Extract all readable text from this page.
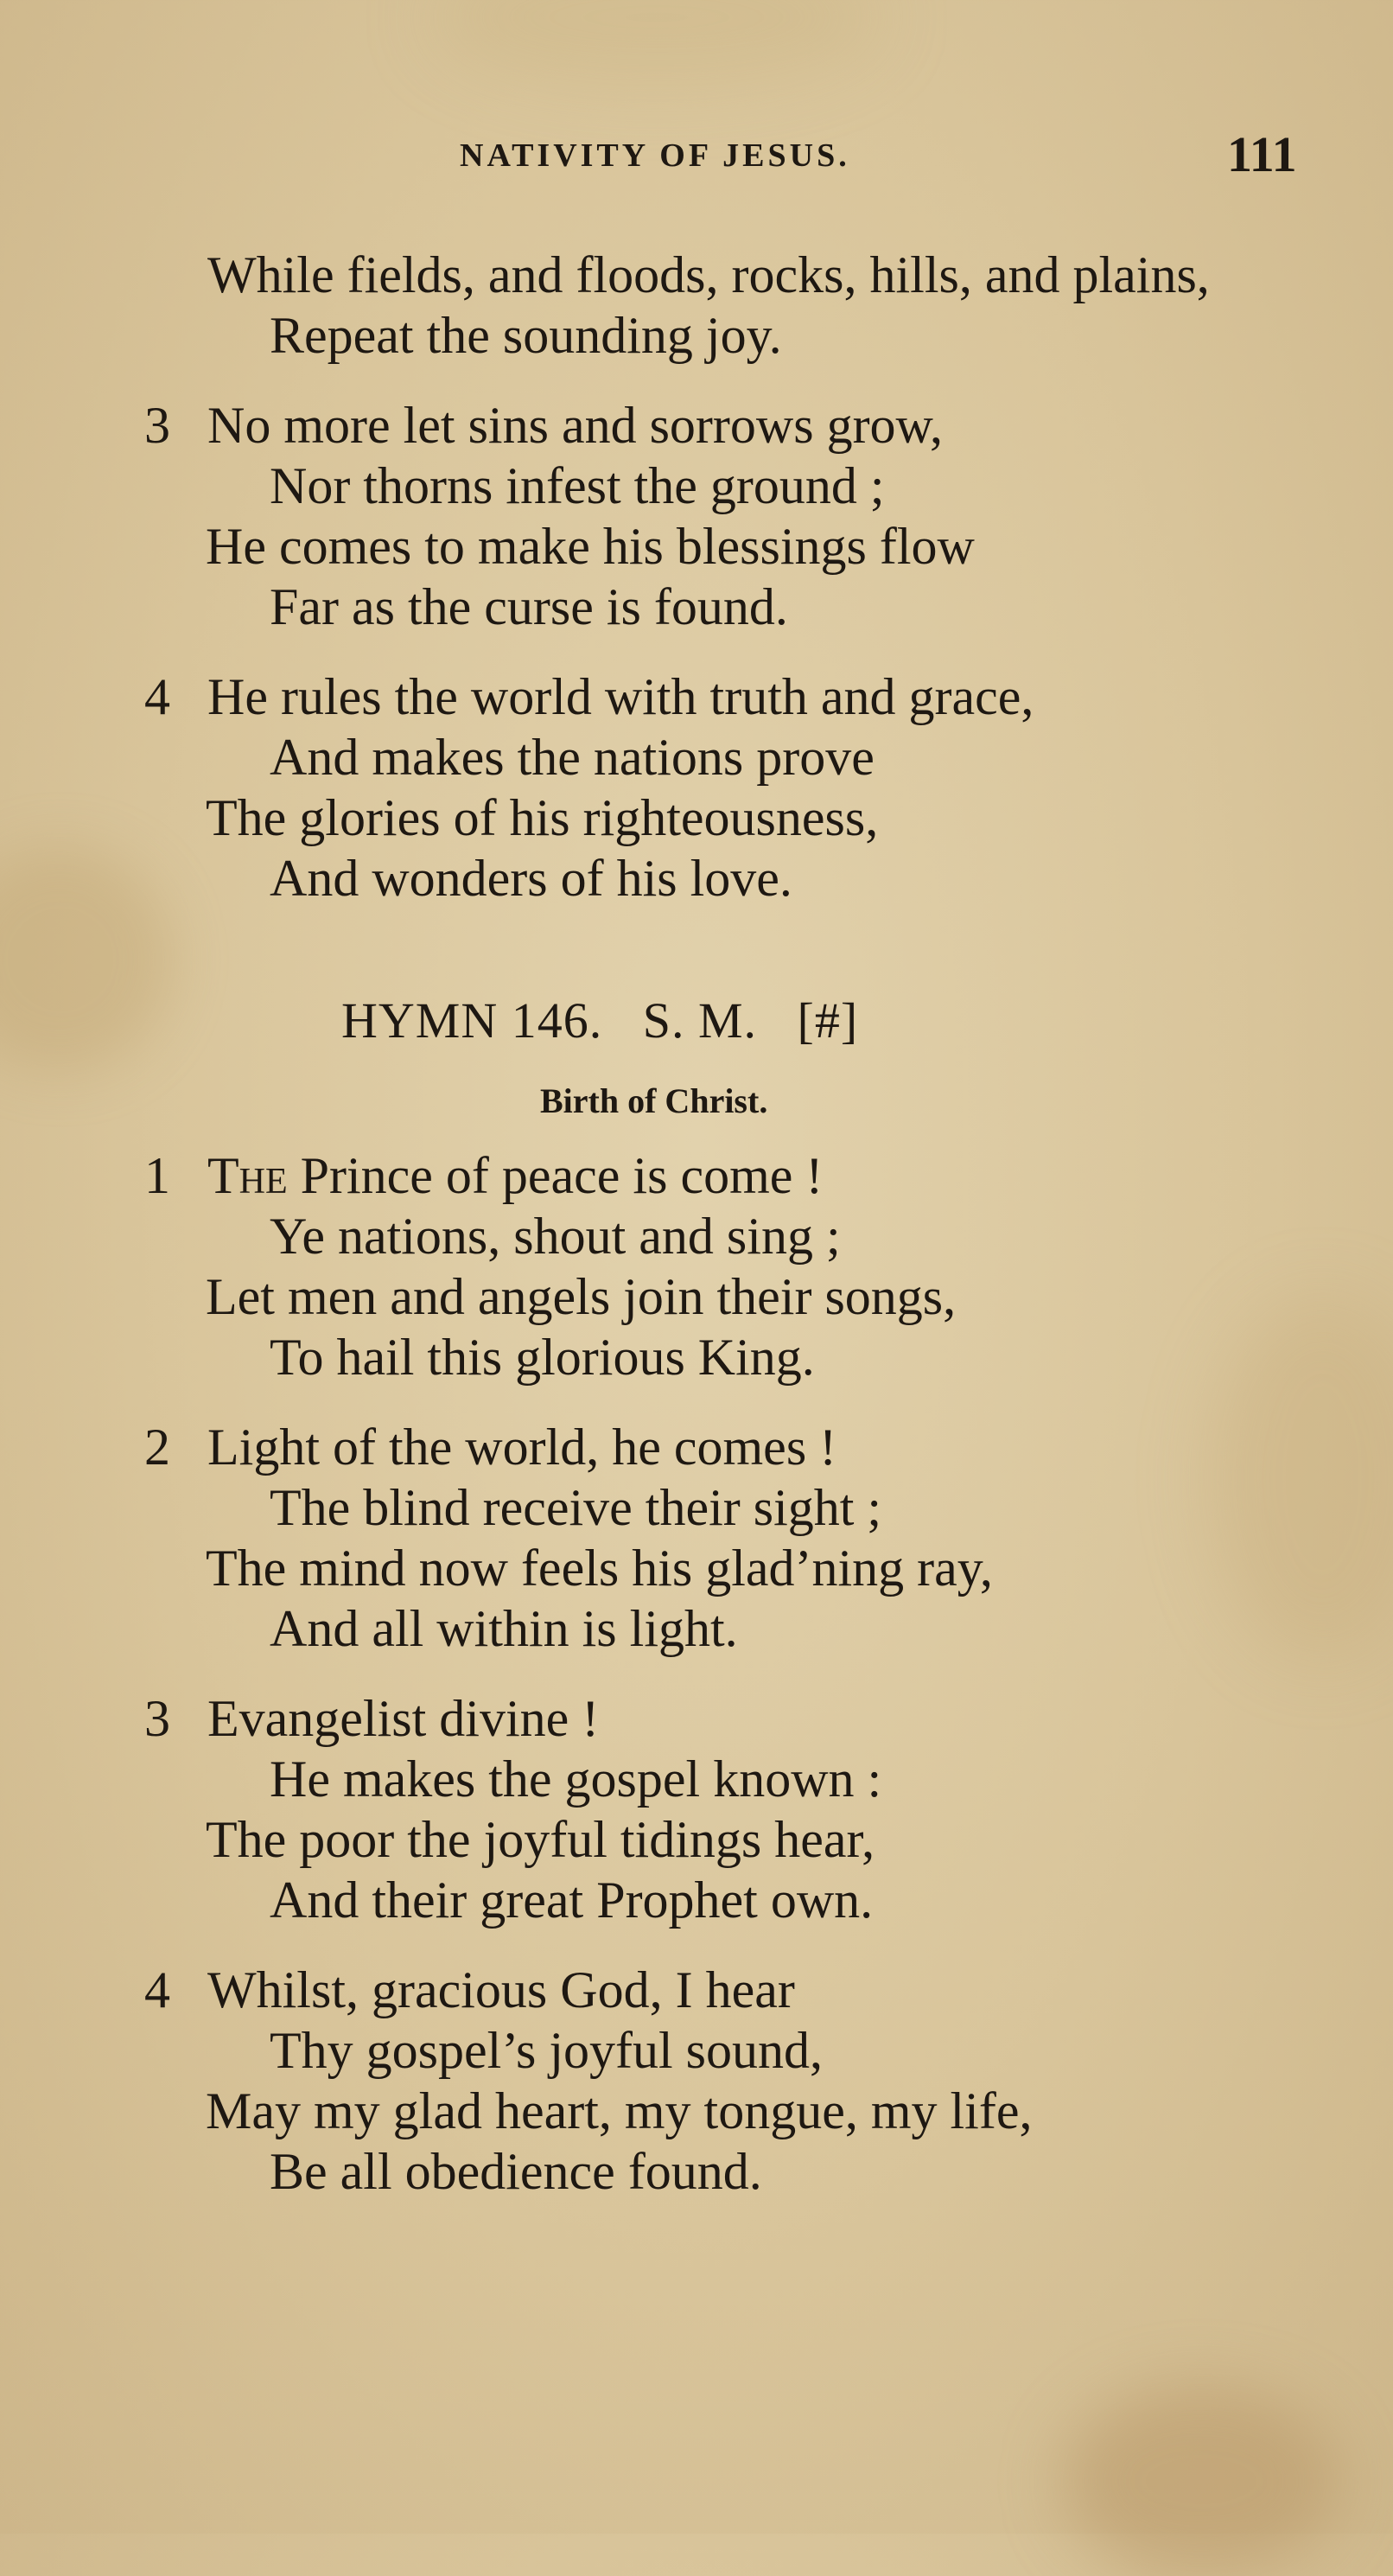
NATIVITY OF JESUS.	111
While fields, and floods, rocks, hills, and plains,
Repeat the sounding joy.
3 No more let sins and sorrows grow,
Nor thorns infest the ground ;
He comes to make his blessings flow
Far as the curse is found.
4 He rules the world with truth and grace,
And makes the nations prove
The glories of his righteousness,
And wonders of his love.
HYMN 146.   S. M.   [#]
Birth of Christ.
1 The Prince of peace is come !
Ye nations, shout and sing ;
Let men and angels join their songs,
To hail this glorious King.
2 Light of the world, he comes !
The blind receive their sight ;
The mind now feels his glad’ning ray,
And all within is light.
3 Evangelist divine !
He makes the gospel known :
The poor the joyful tidings hear,
And their great Prophet own.
4 Whilst, gracious God, I hear
Thy gospel’s joyful sound,
May my glad heart, my tongue, my life,
Be all obedience found.
